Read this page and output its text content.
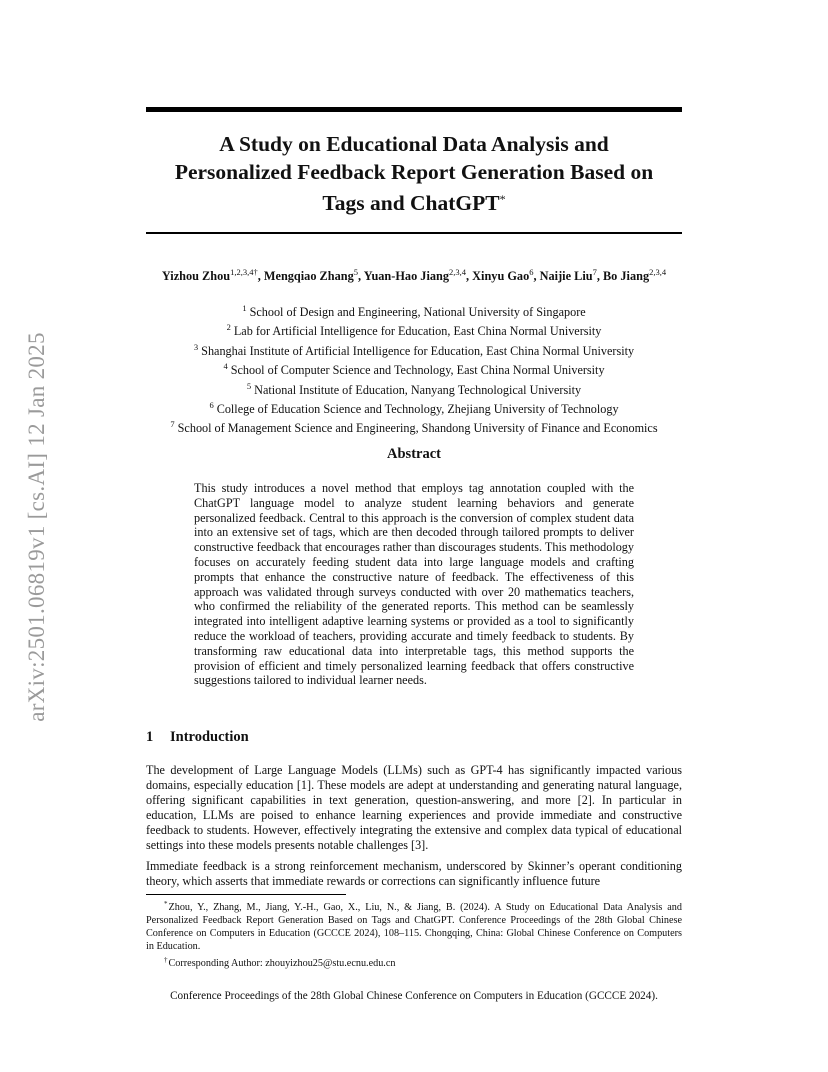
arXiv:2501.06819v1 [cs.AI] 12 Jan 2025
A Study on Educational Data Analysis and
Personalized Feedback Report Generation Based on
Tags and ChatGPT*
Yizhou Zhou$^{1,2,3,4\dagger}$, Mengqiao Zhang$^5$, Yuan-Hao Jiang$^{2,3,4}$, Xinyu Gao$^6$, Naijie Liu$^7$, Bo Jiang$^{2,3,4}$
$^1$ School of Design and Engineering, National University of Singapore
$^2$ Lab for Artificial Intelligence for Education, East China Normal University
$^3$ Shanghai Institute of Artificial Intelligence for Education, East China Normal University
$^4$ School of Computer Science and Technology, East China Normal University
$^5$ National Institute of Education, Nanyang Technological University
$^6$ College of Education Science and Technology, Zhejiang University of Technology
$^7$ School of Management Science and Engineering, Shandong University of Finance and Economics
Abstract
This study introduces a novel method that employs tag annotation coupled with the ChatGPT language model to analyze student learning behaviors and generate personalized feedback. Central to this approach is the conversion of complex student data into an extensive set of tags, which are then decoded through tailored prompts to deliver constructive feedback that encourages rather than discourages students. This methodology focuses on accurately feeding student data into large language models and crafting prompts that enhance the constructive nature of feedback. The effectiveness of this approach was validated through surveys conducted with over 20 mathematics teachers, who confirmed the reliability of the generated reports. This method can be seamlessly integrated into intelligent adaptive learning systems or provided as a tool to significantly reduce the workload of teachers, providing accurate and timely feedback to students. By transforming raw educational data into interpretable tags, this method supports the provision of efficient and timely personalized learning feedback that offers constructive suggestions tailored to individual learner needs.
1 Introduction
The development of Large Language Models (LLMs) such as GPT-4 has significantly impacted various domains, especially education [1]. These models are adept at understanding and generating natural language, offering significant capabilities in text generation, question-answering, and more [2]. In particular in education, LLMs are poised to enhance learning experiences and provide immediate and constructive feedback to students. However, effectively integrating the extensive and complex data typical of educational settings into these models presents notable challenges [3].
Immediate feedback is a strong reinforcement mechanism, underscored by Skinner’s operant conditioning theory, which asserts that immediate rewards or corrections can significantly influence future
*Zhou, Y., Zhang, M., Jiang, Y.-H., Gao, X., Liu, N., & Jiang, B. (2024). A Study on Educational Data Analysis and Personalized Feedback Report Generation Based on Tags and ChatGPT. Conference Proceedings of the 28th Global Chinese Conference on Computers in Education (GCCCE 2024), 108–115. Chongqing, China: Global Chinese Conference on Computers in Education.
†Corresponding Author: zhouyizhou25@stu.ecnu.edu.cn
Conference Proceedings of the 28th Global Chinese Conference on Computers in Education (GCCCE 2024).
